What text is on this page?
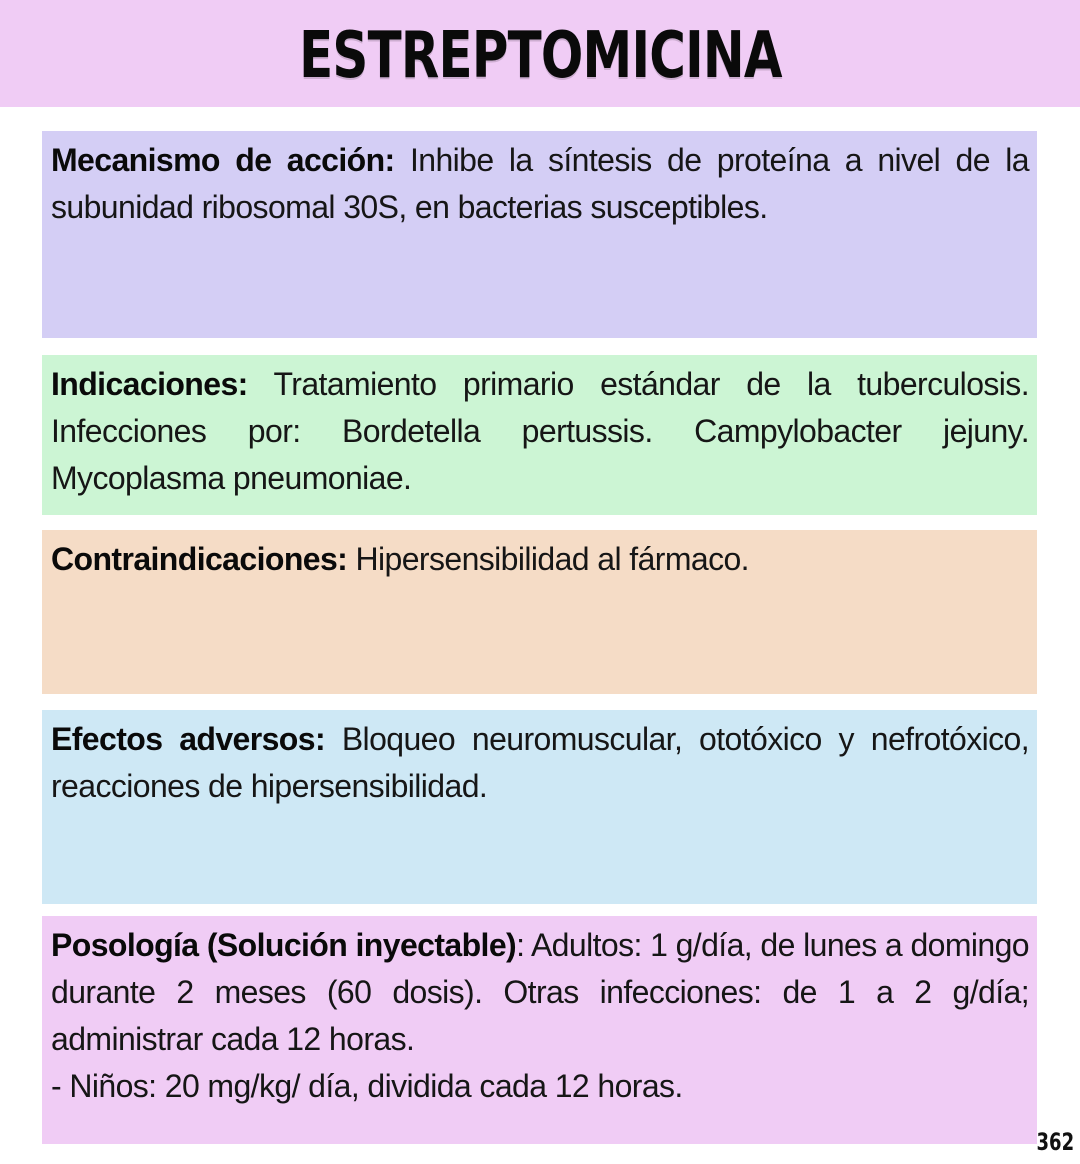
ESTREPTOMICINA

Mecanismo de acción: Inhibe la síntesis de proteína a nivel de la subunidad ribosomal 30S, en bacterias susceptibles.

Indicaciones: Tratamiento primario estándar de la tuberculosis. Infecciones por: Bordetella pertussis. Campylobacter jejuny. Mycoplasma pneumoniae.

Contraindicaciones: Hipersensibilidad al fármaco.

Efectos adversos: Bloqueo neuromuscular, ototóxico y nefrotóxico, reacciones de hipersensibilidad.

Posología (Solución inyectable): Adultos: 1 g/día, de lunes a domingo durante 2 meses (60 dosis). Otras infecciones: de 1 a 2 g/día; administrar cada 12 horas.

- Niños: 20 mg/kg/ día, dividida cada 12 horas.

362
